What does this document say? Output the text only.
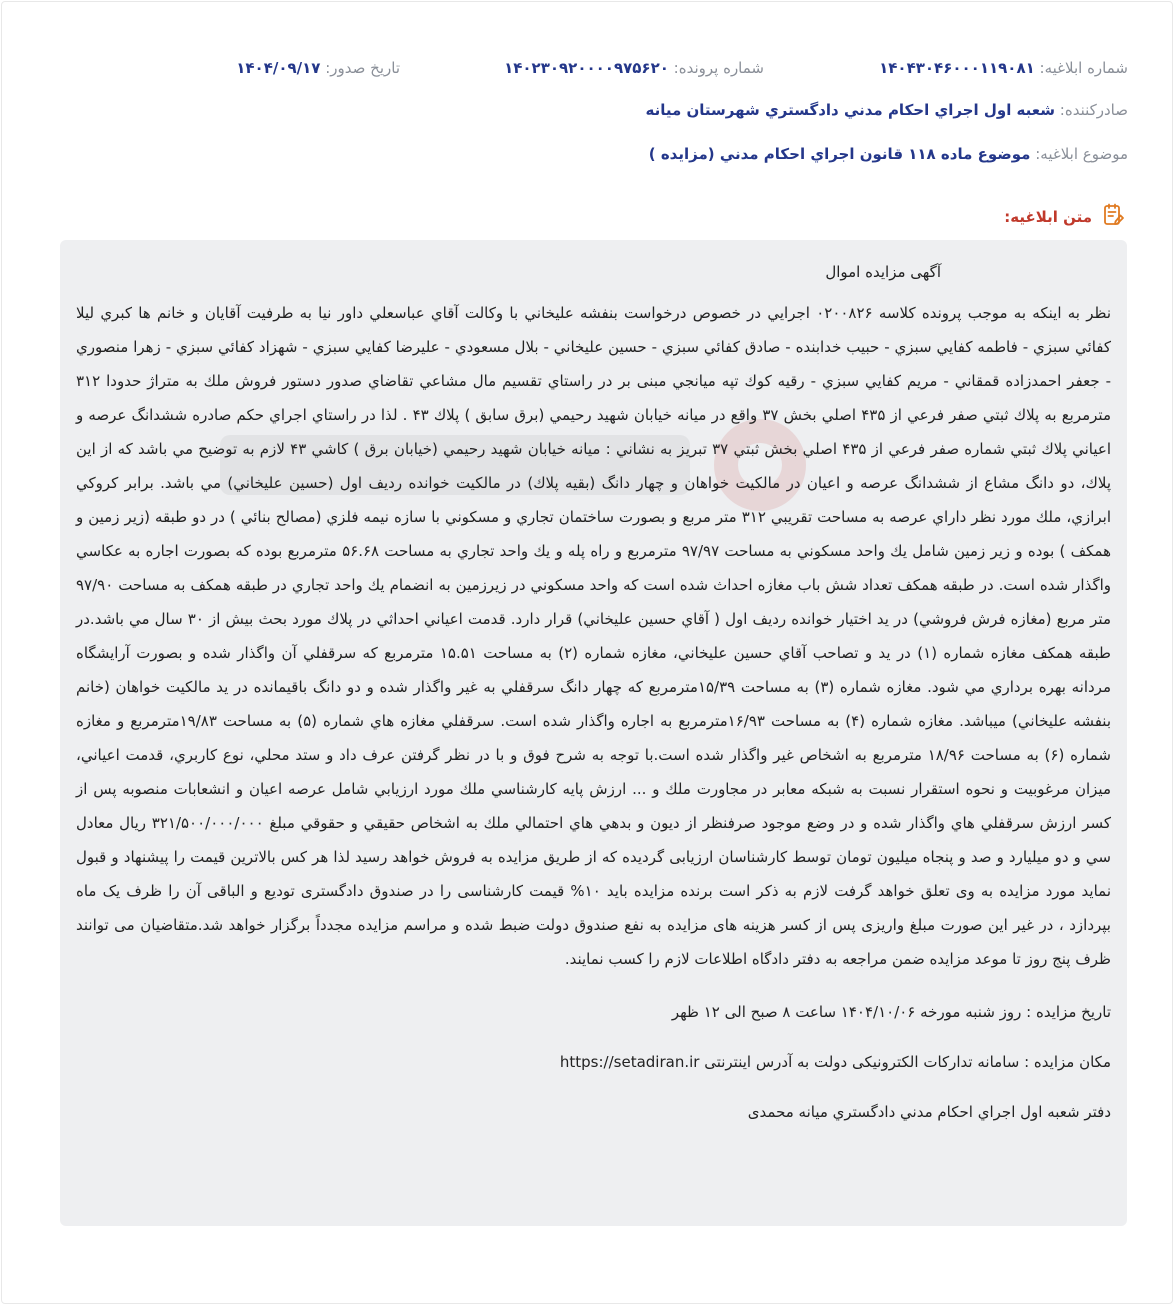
شماره ابلاغيه: ۱۴۰۴۳۰۴۶۰۰۰۱۱۹۰۸۱
شماره پرونده: ۱۴۰۲۳۰۹۲۰۰۰۰۹۷۵۶۲۰
تاريخ صدور: ۱۴۰۴/۰۹/۱۷
صادرکننده: شعبه اول اجراي احكام مدني دادگستري شهرستان ميانه
موضوع ابلاغيه: موضوع ماده ۱۱۸ قانون اجراي احكام مدني (مزايده )
متن ابلاغيه:
آگهی مزایده اموال
نظر به اينكه به موجب پرونده كلاسه ۰۲۰۰۸۲۶ اجرايي در خصوص درخواست بنفشه عليخاني با وكالت آقاي عباسعلي داور نيا به طرفيت آقايان و خانم ها كبري ليلا كفائي سبزي - فاطمه كفايي سبزي - حبيب خدابنده - صادق كفائي سبزي - حسين عليخاني - بلال مسعودي - عليرضا كفايي سبزي - شهزاد كفائي سبزي - زهرا منصوري - جعفر احمدزاده قمقاني - مريم كفايي سبزي - رقيه كوك تپه ميانجي مبنی بر در راستاي تقسيم مال مشاعي تقاضاي صدور دستور فروش ملك به متراژ حدودا ۳۱۲ مترمربع به پلاك ثبتي صفر فرعي از ۴۳۵ اصلي بخش ۳۷ واقع در ميانه خيابان شهيد رحيمي (برق سابق ) پلاك ۴۳ . لذا در راستاي اجراي حكم صادره ششدانگ عرصه و اعياني پلاك ثبتي شماره صفر فرعي از ۴۳۵ اصلي بخش ثبتي ۳۷ تبريز به نشاني : ميانه خيابان شهيد رحيمي (خيابان برق ) كاشي ۴۳ لازم به توضيح مي باشد كه از اين پلاك، دو دانگ مشاع از ششدانگ عرصه و اعيان در مالكيت خواهان و چهار دانگ (بقيه پلاك) در مالكيت خوانده رديف اول (حسين عليخاني) مي باشد. برابر كروكي ابرازي، ملك مورد نظر داراي عرصه به مساحت تقريبي ۳۱۲ متر مربع و بصورت ساختمان تجاري و مسكوني با سازه نيمه فلزي (مصالح بنائي ) در دو طبقه (زير زمين و همكف ) بوده و زير زمين شامل يك واحد مسكوني به مساحت ۹۷/۹۷ مترمربع و راه پله و يك واحد تجاري به مساحت ۵۶.۶۸ مترمربع بوده كه بصورت اجاره به عكاسي واگذار شده است. در طبقه همكف تعداد شش باب مغازه احداث شده است كه واحد مسكوني در زيرزمين به انضمام يك واحد تجاري در طبقه همكف به مساحت ۹۷/۹۰ متر مربع (مغازه فرش فروشي) در يد اختيار خوانده رديف اول ( آقاي حسين عليخاني) قرار دارد. قدمت اعياني احداثي در پلاك مورد بحث بيش از ۳۰ سال مي باشد.در طبقه همكف مغازه شماره (۱) در يد و تصاحب آقاي حسين عليخاني، مغازه شماره (۲) به مساحت ۱۵.۵۱ مترمربع كه سرقفلي آن واگذار شده و بصورت آرايشگاه مردانه بهره برداري مي شود. مغازه شماره (۳) به مساحت ۱۵/۳۹مترمربع كه چهار دانگ سرقفلي به غير واگذار شده و دو دانگ باقيمانده در يد مالكيت خواهان (خانم بنفشه عليخاني) ميباشد. مغازه شماره (۴) به مساحت ۱۶/۹۳مترمربع به اجاره واگذار شده است. سرقفلي مغازه هاي شماره (۵) به مساحت ۱۹/۸۳مترمربع و مغازه شماره (۶) به مساحت ۱۸/۹۶ مترمربع به اشخاص غير واگذار شده است.با توجه به شرح فوق و با در نظر گرفتن عرف داد و ستد محلي، نوع كاربري، قدمت اعياني، ميزان مرغوبيت و نحوه استقرار نسبت به شبكه معابر در مجاورت ملك و ... ارزش پايه كارشناسي ملك مورد ارزيابي شامل عرصه اعيان و انشعابات منصوبه پس از كسر ارزش سرقفلي هاي واگذار شده و در وضع موجود صرفنظر از ديون و بدهي هاي احتمالي ملك به اشخاص حقيقي و حقوقي مبلغ ۳۲۱/۵۰۰/۰۰۰/۰۰۰ ريال معادل سي و دو ميليارد و صد و پنجاه ميليون تومان توسط كارشناسان ارزيابی گرديده كه از طريق مزايده به فروش خواهد رسيد لذا هر كس بالاترين قيمت را پيشنهاد و قبول نمايد مورد مزايده به وی تعلق خواهد گرفت لازم به ذكر است برنده مزايده بايد ۱۰% قيمت كارشناسی را در صندوق دادگستری توديع و الباقی آن را ظرف يک ماه بپردازد ، در غير اين صورت مبلغ واريزی پس از كسر هزينه های مزايده به نفع صندوق دولت ضبط شده و مراسم مزايده مجدداً برگزار خواهد شد.متقاضيان می توانند ظرف پنج روز تا موعد مزايده ضمن مراجعه به دفتر دادگاه اطلاعات لازم را كسب نمايند.
تاريخ مزايده : روز شنبه مورخه ۱۴۰۴/۱۰/۰۶ ساعت ۸ صبح الی ۱۲ ظهر
مكان مزايده : سامانه تداركات الكترونيكی دولت به آدرس اينترنتی https://setadiran.ir
دفتر شعبه اول اجراي احكام مدني دادگستري ميانه محمدی
